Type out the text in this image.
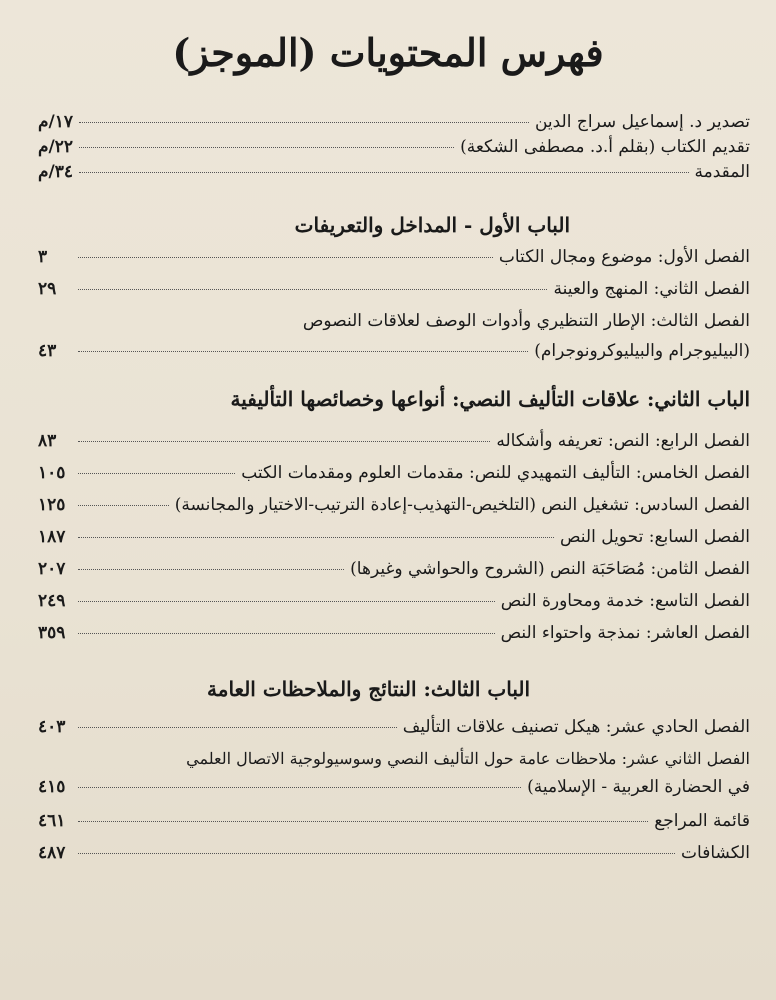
فهرس المحتويات (الموجز)
تصدير د. إسماعيل سراج الدين
١٧/م
تقديم الكتاب (بقلم أ.د. مصطفى الشكعة)
٢٢/م
المقدمة
٣٤/م
الباب الأول - المداخل والتعريفات
الفصل الأول: موضوع ومجال الكتاب
٣
الفصل الثاني: المنهج والعينة
٢٩
الفصل الثالث: الإطار التنظيري وأدوات الوصف لعلاقات النصوص
(البيليوجرام والبيليوكرونوجرام)
٤٣
الباب الثاني: علاقات التأليف النصي: أنواعها وخصائصها التأليفية
الفصل الرابع: النص: تعريفه وأشكاله
٨٣
الفصل الخامس: التأليف التمهيدي للنص: مقدمات العلوم ومقدمات الكتب
١٠٥
الفصل السادس: تشغيل النص (التلخيص-التهذيب-إعادة الترتيب-الاختيار والمجانسة)
١٢٥
الفصل السابع: تحويل النص
١٨٧
الفصل الثامن: مُصَاحَبَة النص (الشروح والحواشي وغيرها)
٢٠٧
الفصل التاسع: خدمة ومحاورة النص
٢٤٩
الفصل العاشر: نمذجة واحتواء النص
٣٥٩
الباب الثالث: النتائج والملاحظات العامة
الفصل الحادي عشر: هيكل تصنيف علاقات التأليف
٤٠٣
الفصل الثاني عشر: ملاحظات عامة حول التأليف النصي وسوسيولوجية الاتصال العلمي
في الحضارة العربية - الإسلامية)
٤١٥
قائمة المراجع
٤٦١
الكشافات
٤٨٧
